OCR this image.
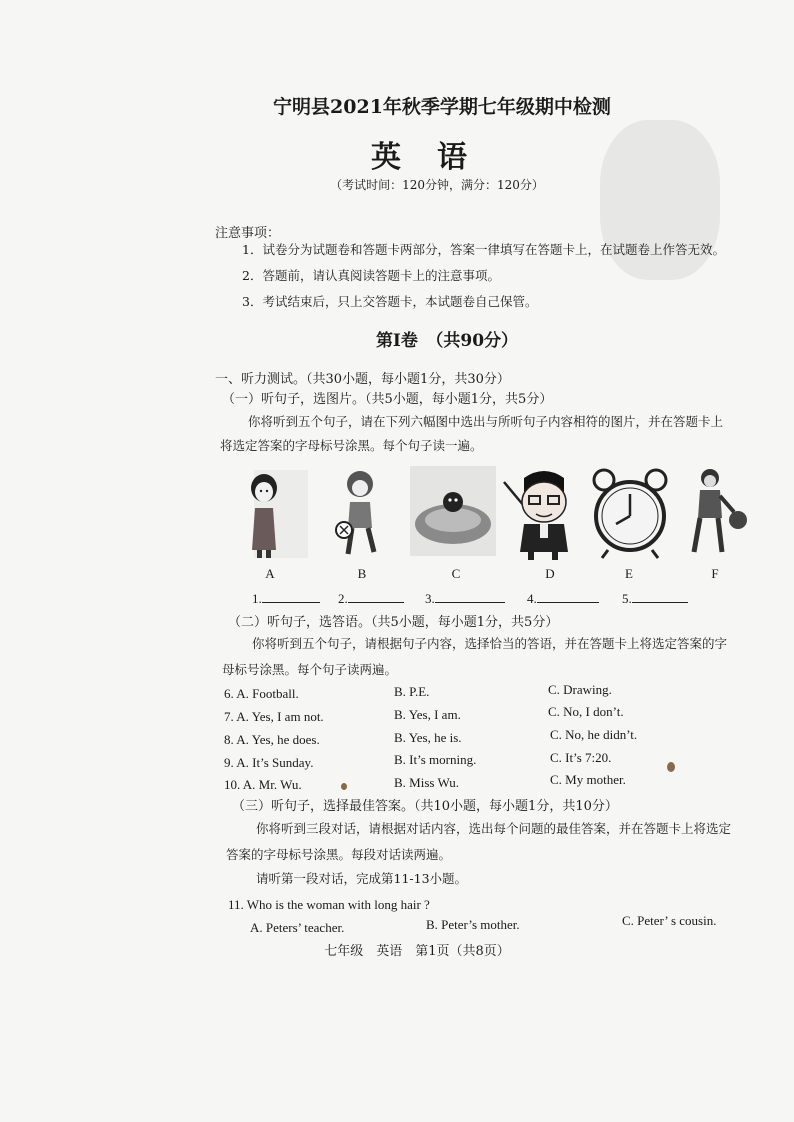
宁明县2021年秋季学期七年级期中检测
英语
（考试时间：120分钟，满分：120分）
注意事项：
1．试卷分为试题卷和答题卡两部分，答案一律填写在答题卡上，在试题卷上作答无效。
2．答题前，请认真阅读答题卡上的注意事项。
3．考试结束后，只上交答题卡，本试题卷自己保管。
第Ⅰ卷　（共90分）
一、听力测试。（共30小题，每小题1分，共30分）
（一）听句子，选图片。（共5小题，每小题1分，共5分）
你将听到五个句子，请在下列六幅图中选出与所听句子内容相符的图片，并在答题卡上
将选定答案的字母标号涂黑。每个句子读一遍。
A	B	C	D	E	F
1.	2.	3.	4.	5.
（二）听句子，选答语。（共5小题，每小题1分，共5分）
你将听到五个句子，请根据句子内容，选择恰当的答语，并在答题卡上将选定答案的字
母标号涂黑。每个句子读两遍。
6. A. Football.	B. P.E.	C. Drawing.
7. A. Yes, I am not.	B. Yes, I am.	C. No, I don’t.
8. A. Yes, he does.	B. Yes, he is.	C. No, he didn’t.
9. A. It’s Sunday.	B. It’s morning.	C. It’s 7:20.
10. A. Mr. Wu.	B. Miss Wu.	C. My mother.
（三）听句子，选择最佳答案。（共10小题，每小题1分，共10分）
你将听到三段对话，请根据对话内容，选出每个问题的最佳答案，并在答题卡上将选定
答案的字母标号涂黑。每段对话读两遍。
请听第一段对话，完成第11-13小题。
11. Who is the woman with long hair ?
A. Peters’ teacher.	B. Peter’s mother.	C. Peter’ s cousin.
七年级　英语　第1页（共8页）
